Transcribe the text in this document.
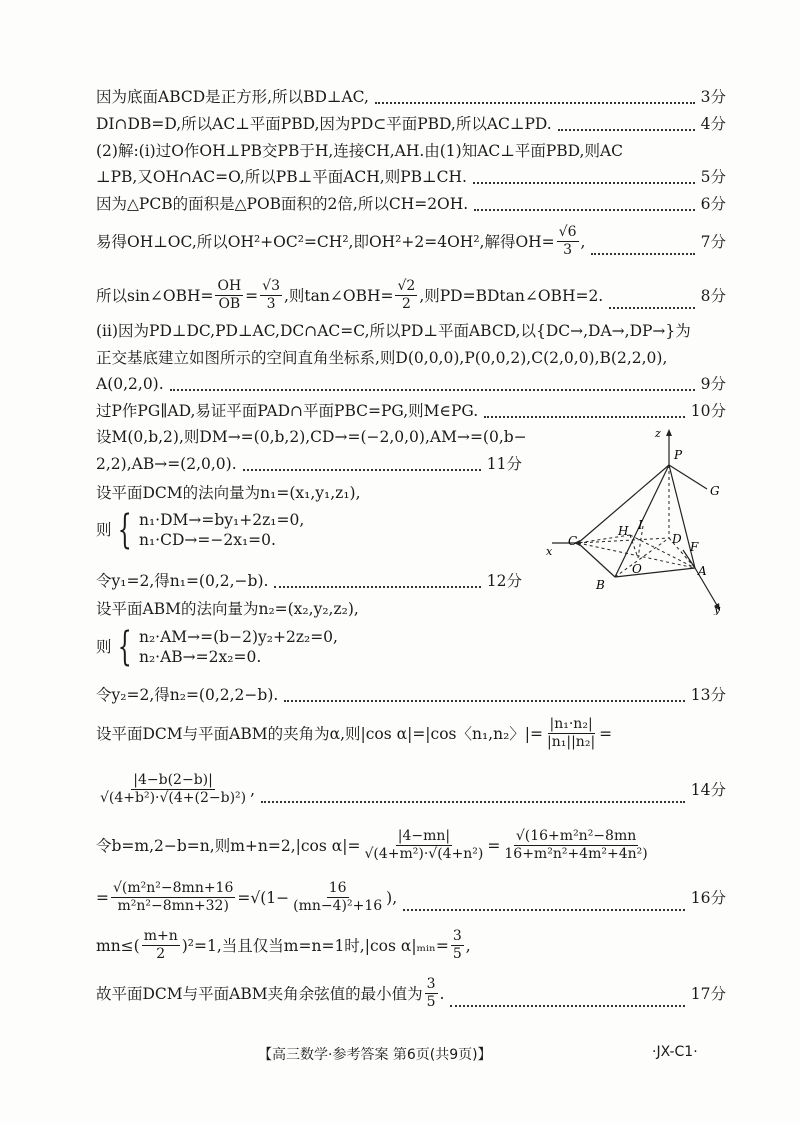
因为底面ABCD是正方形,所以BD⊥AC,	3分
DI∩DB=D,所以AC⊥平面PBD,因为PD⊂平面PBD,所以AC⊥PD.	4分
(2)解:(ⅰ)过O作OH⊥PB交PB于H,连接CH,AH.由(1)知AC⊥平面PBD,则AC
⊥PB,又OH∩AC=O,所以PB⊥平面ACH,则PB⊥CH.	5分
因为△PCB的面积是△POB面积的2倍,所以CH=2OH.	6分
易得OH⊥OC,所以OH²+OC²=CH²,即OH²+2=4OH²,解得$OH= \frac{√6}{3}$ ,	7分
所以sin∠OBH= $\frac{OH}{OB} = \frac{√3}{3}$ ,则tan∠OBH= $\frac{√2}{2}$ ,则PD=BDtan∠OBH=2.	8分
(ⅱ)因为PD⊥DC,PD⊥AC,DC∩AC=C,所以PD⊥平面ABCD,以{DC→,DA→,DP→}为
正交基底建立如图所示的空间直角坐标系,则D(0,0,0),P(0,0,2),C(2,0,0),B(2,2,0),
A(0,2,0).	9分
过P作PG∥AD,易证平面PAD∩平面PBC=PG,则M∈PG.	10分
设M(0,b,2),则DM→=(0,b,2),CD→=(−2,0,0),AM→=(0,b−
2,2),AB→=(2,0,0).	11分
设平面DCM的法向量为n₁=(x₁,y₁,z₁),
则 { n₁·DM→=by₁+2z₁=0,
n₁·CD→=−2x₁=0.
令y₁=2,得n₁=(0,2,−b).	12分
设平面ABM的法向量为n₂=(x₂,y₂,z₂),
则 { n₂·AM→=(b−2)y₂+2z₂=0,
n₂·AB→=2x₂=0.
令y₂=2,得n₂=(0,2,2−b).	13分
设平面DCM与平面ABM的夹角为α,则|cos α|=|cos〈n₁,n₂〉|= $\frac{\text{|n₁·n₂|}}{\text{|n₁||n₂|}}$ =
$\frac{|4-b(2-b)|}{\text{√(4+b²)·√(4+(2−b)²)}}$ ,	14分
令b=m,2−b=n,则m+n=2,|cos $\alpha|= \frac{|4-mn|}{\text{√(4+m²)·√(4+n²)}} = \frac{\text{√(16+m²n²−8mn}}{\text{16+m²n²+4m²+4n²)}}$
= $\frac{\text{√(m²n²−8mn+16}}{\text{m²n²−8mn+32)}} =√(1- \frac{16}{\text{(mn−4)²+16}}$ ),	16分
$mn\le( \frac{m+n}{2} )^2=1$,当且仅当m=n=1时,|cos α|ₘᵢₙ= $\frac{3}{5}$ ,
故平面DCM与平面ABM夹角余弦值的最小值为 $\frac{3}{5}$ .	17分
z
P
G
H I
D
F
C
x
O	A
B
y
【高三数学·参考答案 第6页(共9页)】	·JX-C1·
